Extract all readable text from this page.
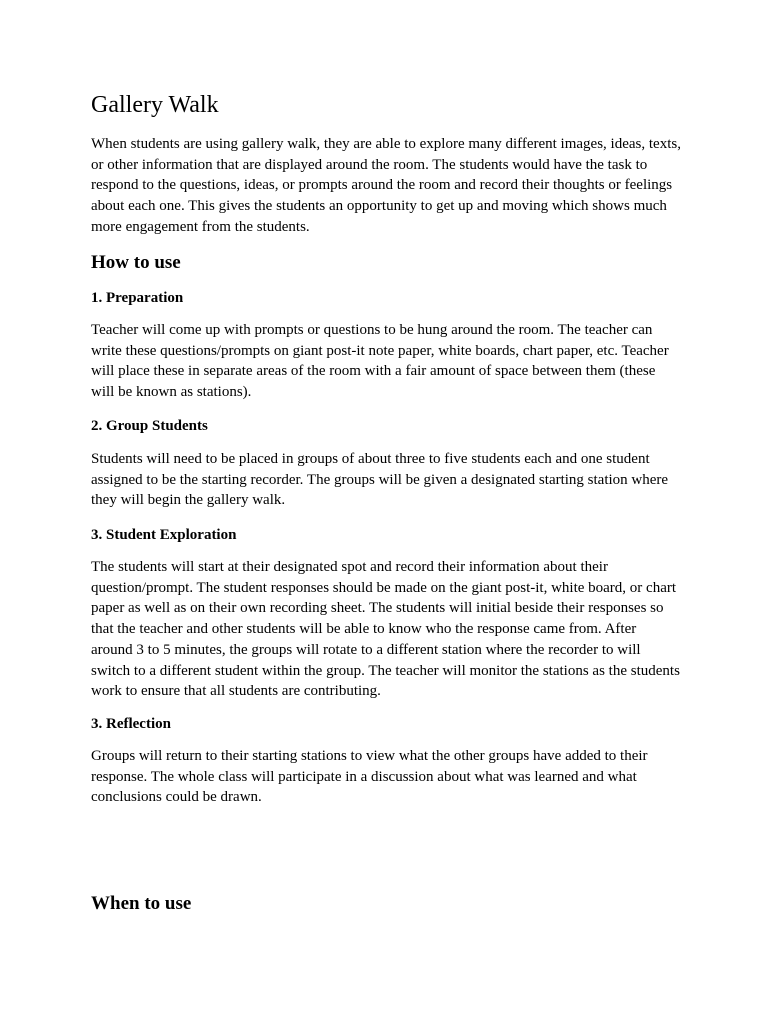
Gallery Walk

When students are using gallery walk, they are able to explore many different images, ideas, texts, or other information that are displayed around the room. The students would have the task to respond to the questions, ideas, or prompts around the room and record their thoughts or feelings about each one. This gives the students an opportunity to get up and moving which shows much more engagement from the students.

How to use
1. Preparation

Teacher will come up with prompts or questions to be hung around the room. The teacher can write these questions/prompts on giant post-it note paper, white boards, chart paper, etc. Teacher will place these in separate areas of the room with a fair amount of space between them (these will be known as stations).

2. Group Students

Students will need to be placed in groups of about three to five students each and one student assigned to be the starting recorder. The groups will be given a designated starting station where they will begin the gallery walk.

3. Student Exploration

The students will start at their designated spot and record their information about their question/prompt. The student responses should be made on the giant post-it, white board, or chart paper as well as on their own recording sheet. The students will initial beside their responses so that the teacher and other students will be able to know who the response came from. After around 3 to 5 minutes, the groups will rotate to a different station where the recorder to will switch to a different student within the group. The teacher will monitor the stations as the students work to ensure that all students are contributing.

3. Reflection

Groups will return to their starting stations to view what the other groups have added to their response. The whole class will participate in a discussion about what was learned and what conclusions could be drawn.

When to use
